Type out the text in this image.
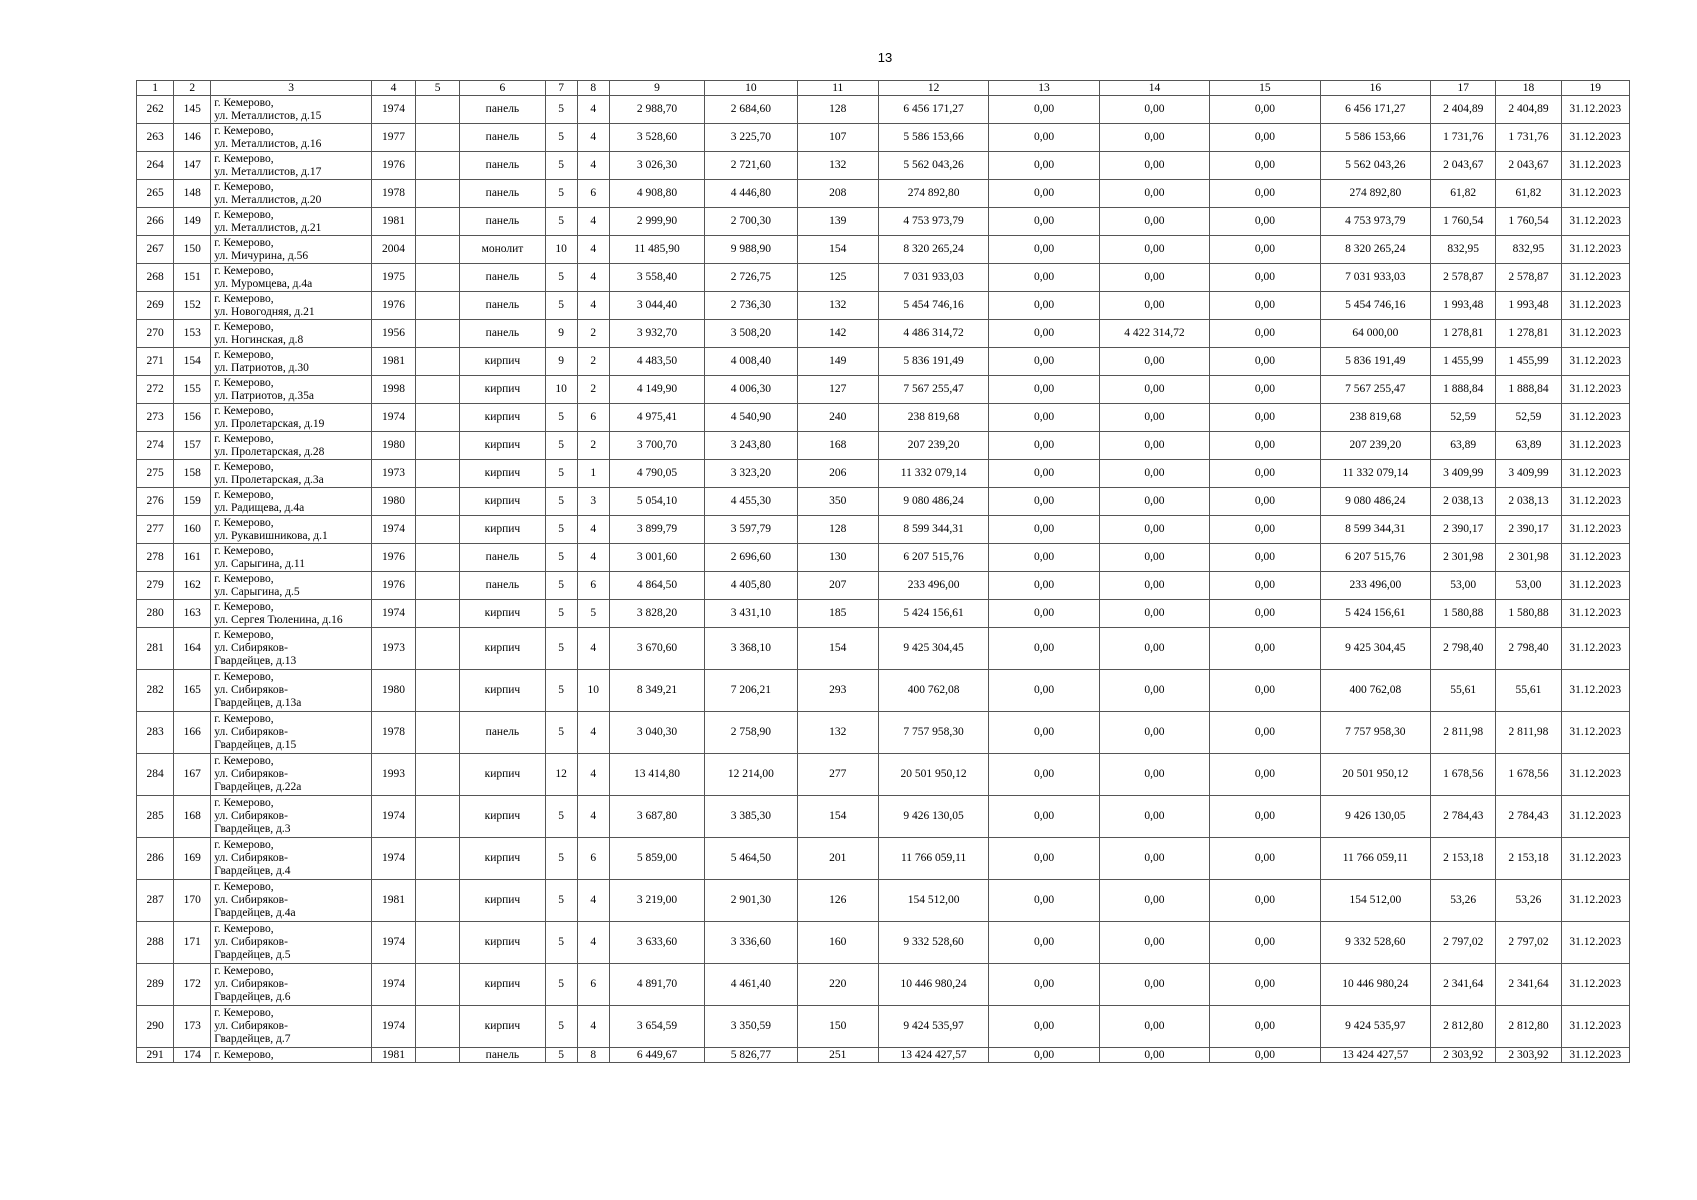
13
1	2	3	4	5	6	7	8	9	10	11	12	13	14	15	16	17	18	19
262	145	г. Кемерово,
ул. Металлистов, д.15	1974		панель	5	4	2 988,70	2 684,60	128	6 456 171,27	0,00	0,00	0,00	6 456 171,27	2 404,89	2 404,89	31.12.2023
263	146	г. Кемерово,
ул. Металлистов, д.16	1977		панель	5	4	3 528,60	3 225,70	107	5 586 153,66	0,00	0,00	0,00	5 586 153,66	1 731,76	1 731,76	31.12.2023
264	147	г. Кемерово,
ул. Металлистов, д.17	1976		панель	5	4	3 026,30	2 721,60	132	5 562 043,26	0,00	0,00	0,00	5 562 043,26	2 043,67	2 043,67	31.12.2023
265	148	г. Кемерово,
ул. Металлистов, д.20	1978		панель	5	6	4 908,80	4 446,80	208	274 892,80	0,00	0,00	0,00	274 892,80	61,82	61,82	31.12.2023
266	149	г. Кемерово,
ул. Металлистов, д.21	1981		панель	5	4	2 999,90	2 700,30	139	4 753 973,79	0,00	0,00	0,00	4 753 973,79	1 760,54	1 760,54	31.12.2023
267	150	г. Кемерово,
ул. Мичурина, д.56	2004		монолит	10	4	11 485,90	9 988,90	154	8 320 265,24	0,00	0,00	0,00	8 320 265,24	832,95	832,95	31.12.2023
268	151	г. Кемерово,
ул. Муромцева, д.4а	1975		панель	5	4	3 558,40	2 726,75	125	7 031 933,03	0,00	0,00	0,00	7 031 933,03	2 578,87	2 578,87	31.12.2023
269	152	г. Кемерово,
ул. Новогодняя, д.21	1976		панель	5	4	3 044,40	2 736,30	132	5 454 746,16	0,00	0,00	0,00	5 454 746,16	1 993,48	1 993,48	31.12.2023
270	153	г. Кемерово,
ул. Ногинская, д.8	1956		панель	9	2	3 932,70	3 508,20	142	4 486 314,72	0,00	4 422 314,72	0,00	64 000,00	1 278,81	1 278,81	31.12.2023
271	154	г. Кемерово,
ул. Патриотов, д.30	1981		кирпич	9	2	4 483,50	4 008,40	149	5 836 191,49	0,00	0,00	0,00	5 836 191,49	1 455,99	1 455,99	31.12.2023
272	155	г. Кемерово,
ул. Патриотов, д.35а	1998		кирпич	10	2	4 149,90	4 006,30	127	7 567 255,47	0,00	0,00	0,00	7 567 255,47	1 888,84	1 888,84	31.12.2023
273	156	г. Кемерово,
ул. Пролетарская, д.19	1974		кирпич	5	6	4 975,41	4 540,90	240	238 819,68	0,00	0,00	0,00	238 819,68	52,59	52,59	31.12.2023
274	157	г. Кемерово,
ул. Пролетарская, д.28	1980		кирпич	5	2	3 700,70	3 243,80	168	207 239,20	0,00	0,00	0,00	207 239,20	63,89	63,89	31.12.2023
275	158	г. Кемерово,
ул. Пролетарская, д.3а	1973		кирпич	5	1	4 790,05	3 323,20	206	11 332 079,14	0,00	0,00	0,00	11 332 079,14	3 409,99	3 409,99	31.12.2023
276	159	г. Кемерово,
ул. Радищева, д.4а	1980		кирпич	5	3	5 054,10	4 455,30	350	9 080 486,24	0,00	0,00	0,00	9 080 486,24	2 038,13	2 038,13	31.12.2023
277	160	г. Кемерово,
ул. Рукавишникова, д.1	1974		кирпич	5	4	3 899,79	3 597,79	128	8 599 344,31	0,00	0,00	0,00	8 599 344,31	2 390,17	2 390,17	31.12.2023
278	161	г. Кемерово,
ул. Сарыгина, д.11	1976		панель	5	4	3 001,60	2 696,60	130	6 207 515,76	0,00	0,00	0,00	6 207 515,76	2 301,98	2 301,98	31.12.2023
279	162	г. Кемерово,
ул. Сарыгина, д.5	1976		панель	5	6	4 864,50	4 405,80	207	233 496,00	0,00	0,00	0,00	233 496,00	53,00	53,00	31.12.2023
280	163	г. Кемерово,
ул. Сергея Тюленина, д.16	1974		кирпич	5	5	3 828,20	3 431,10	185	5 424 156,61	0,00	0,00	0,00	5 424 156,61	1 580,88	1 580,88	31.12.2023
281	164	г. Кемерово,
ул. Сибиряков-
Гвардейцев, д.13	1973		кирпич	5	4	3 670,60	3 368,10	154	9 425 304,45	0,00	0,00	0,00	9 425 304,45	2 798,40	2 798,40	31.12.2023
282	165	г. Кемерово,
ул. Сибиряков-
Гвардейцев, д.13а	1980		кирпич	5	10	8 349,21	7 206,21	293	400 762,08	0,00	0,00	0,00	400 762,08	55,61	55,61	31.12.2023
283	166	г. Кемерово,
ул. Сибиряков-
Гвардейцев, д.15	1978		панель	5	4	3 040,30	2 758,90	132	7 757 958,30	0,00	0,00	0,00	7 757 958,30	2 811,98	2 811,98	31.12.2023
284	167	г. Кемерово,
ул. Сибиряков-
Гвардейцев, д.22а	1993		кирпич	12	4	13 414,80	12 214,00	277	20 501 950,12	0,00	0,00	0,00	20 501 950,12	1 678,56	1 678,56	31.12.2023
285	168	г. Кемерово,
ул. Сибиряков-
Гвардейцев, д.3	1974		кирпич	5	4	3 687,80	3 385,30	154	9 426 130,05	0,00	0,00	0,00	9 426 130,05	2 784,43	2 784,43	31.12.2023
286	169	г. Кемерово,
ул. Сибиряков-
Гвардейцев, д.4	1974		кирпич	5	6	5 859,00	5 464,50	201	11 766 059,11	0,00	0,00	0,00	11 766 059,11	2 153,18	2 153,18	31.12.2023
287	170	г. Кемерово,
ул. Сибиряков-
Гвардейцев, д.4а	1981		кирпич	5	4	3 219,00	2 901,30	126	154 512,00	0,00	0,00	0,00	154 512,00	53,26	53,26	31.12.2023
288	171	г. Кемерово,
ул. Сибиряков-
Гвардейцев, д.5	1974		кирпич	5	4	3 633,60	3 336,60	160	9 332 528,60	0,00	0,00	0,00	9 332 528,60	2 797,02	2 797,02	31.12.2023
289	172	г. Кемерово,
ул. Сибиряков-
Гвардейцев, д.6	1974		кирпич	5	6	4 891,70	4 461,40	220	10 446 980,24	0,00	0,00	0,00	10 446 980,24	2 341,64	2 341,64	31.12.2023
290	173	г. Кемерово,
ул. Сибиряков-
Гвардейцев, д.7	1974		кирпич	5	4	3 654,59	3 350,59	150	9 424 535,97	0,00	0,00	0,00	9 424 535,97	2 812,80	2 812,80	31.12.2023
291	174	г. Кемерово,	1981		панель	5	8	6 449,67	5 826,77	251	13 424 427,57	0,00	0,00	0,00	13 424 427,57	2 303,92	2 303,92	31.12.2023
